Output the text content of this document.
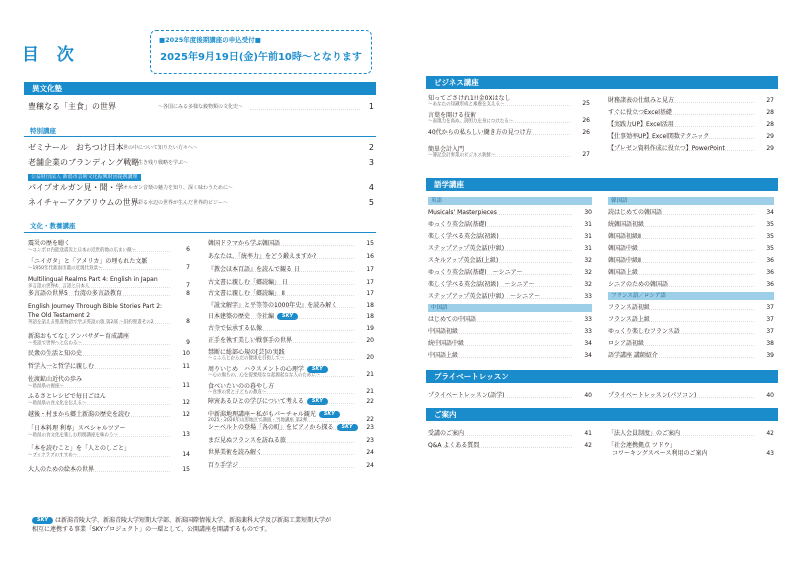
目 次
■2025年度後期講座の申込受付■
2025年9月19日(金)午前10時〜となります
異文化塾
豊穣なる「主食」の世界	〜各国にみる多様な穀物類の文化史〜	1
特別講座
ゼミナール　おちつけ日本
〜世の中について知りたい方々へ〜	2
老舗企業のブランディング戦略
〜生き残り戦略を学ぶ〜	3
公益財団法人 新潟市芸術文化振興財団提携講座
パイプオルガン見・聞・学
〜オルガン音楽の魅力を知り、深く味わうために〜	4
ネイチャーアクアリウムの世界
〜彩る水辺の世界が生んだ世界的ビジー〜	5
文化・教養講座
震災の歴を聴く
〜ユンボロ内能登震災と日本の近世的地の広まい徹〜	6
「ニイガタ」と「アメリカ」の埋もれた文脈
〜1950年代新潟市農の近現代背景〜	7
Multilingual Realms Part 4: English in Japan
多言語の世界4：言語と日本人	7
多言語の世界5　台湾の多言語教育	8
English Journey Through Bible Stories Part 2:
The Old Testament 2
英語を話える聖書物語で学ぶ英語の旅 第2部 〜旧約聖書その2	8
新潟おもてなしアンバサダー育成講座
〜英語で世界へと伝わる〜	9
民衆の生活と知の史	10
哲学入一と哲学に親しむ	11
佐渡鉱山近代の歩み
〜新潟県の視座〜	11
ふるさとレシピで毎日ごはん
〜新潟県の食文化を伝える〜	12
越後・村まから郷土新潟の歴史を読む	12
「日本料理 利専」スペシャルツアー
〜新潟の食文化を楽しむ料理講座を味わう〜	13
「本を読むこと」を「人とのしごと」
〜ブックラブのすすめ〜	14
大人のための絵本の世界	15
韓国ドラマから学ぶ韓国語	15
あなたは、「統率力」をどう鍛えますか?	16
『教会ほ本百語』を読んで観る 日	17
古文書に親しむ「郷読編」 日	17
古文書に親しむ「郷読編」 Ⅱ	17
『説文解字』と平等等の1000年史』を読み解く	18
日本建築の歴史　寺社編 SKY	18
古寺で伝承する仏像	19
正手を執す美しい戦事手の世界	20
禁断に総部心規の[芸]の実践
〜こころとからだの健康を目指して〜	20
周りいじめ　ハラスメントの心理学 SKY
〜心の傷ちの、心を提要経なな起源起なな人のために〜	21
食べいたいのの暮やし方
〜食事の愛と子どもの教育〜	21
障害あるひとの学びについて考える SKY	22
中新潟地理講座ー私がもパーチャル観光 SKY
2025・2026年山形地区で講演・当地講座 第2弾	22
シーベルトの登場「各の町」をピアノから探る SKY	23
まだ見ぬフランスを訪ねる旅	23
世界美術を読み解く	24
百り手学ジ	24
ビジネス講座
知ってごさけれ1!!金0Xはなし
〜あなたの知識形成と素養を支える〜	25
言葉を開ける技術
〜表現力を高め、説明力を身につけたる〜	26
40代からの私らしい働き方の見つけ方	26
簡単会計入門
〜簿記会計事業のビジネス新鮮〜	27
財務諸表の仕組みと見方	27
すぐに役立つExcel基礎	28
【実践力UP】Excel活用	28
【仕事効率UP】Excel関数テクニック	29
【プレゼン資料作成に役立つ】PowerPoint	29
語学講座
英語
Musicals' Masterpieces	30
ゆっくり英会話(基礎)	31
楽しく学べる英会話(初級)	31
ステップアップ英会話(中級)	31
スキルアップ英会話(上級)	32
ゆっくり英会話(基礎)　〜シニア〜	32
楽しく学べる英会話(初級)　〜シニア〜	32
ステップアップ英会話(中級)　〜シニア〜	33
中国語
はじめての中国語	33
中国語初級	33
続中国語中級	34
中国語上級	34
韓国語
読はじめての韓国語	34
続韓国語初級	35
韓国語初級Ⅱ	35
韓国語中級	35
韓国語中級Ⅱ	36
韓国語上級	36
シニアのための韓国語	36
フランス語／ロシア語
フランス語初級	37
フランス語上級	37
ゆっくり楽しむフランス語	37
ロシア語初級	38
語学講座 講師紹介	39
プライベートレッスン
プライベートレッスン(語学)	40	プライベートレッスン(パソコン)	40
ご案内
受講のご案内	41
Q&A よくある質問	42
「法人会員制度」のご案内	42
「社会連携拠点 ツドウ」
コワーキングスペース利用のご案内	43
SKY は新潟青陵大学、新潟青陵大学短期大学部、新潟国際情報大学、新潟薬科大学及び新潟工業短期大学が
相互に連携する事業「SKYプロジェクト」の一環として、公開講座を開講するものです。
